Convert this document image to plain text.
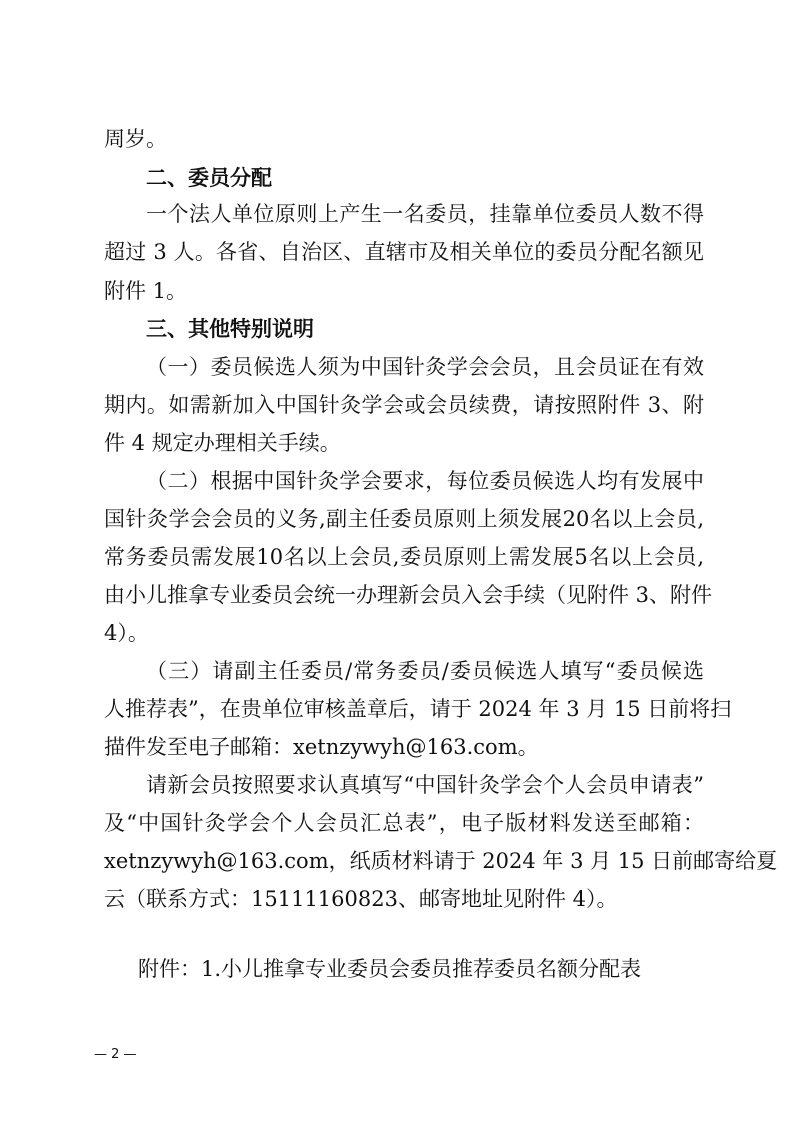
周岁。
二、委员分配
一个法人单位原则上产生一名委员，挂靠单位委员人数不得
超过 3 人。各省、自治区、直辖市及相关单位的委员分配名额见
附件 1。
三、其他特别说明
（一）委员候选人须为中国针灸学会会员，且会员证在有效
期内。如需新加入中国针灸学会或会员续费，请按照附件 3、附
件 4 规定办理相关手续。
（二）根据中国针灸学会要求，每位委员候选人均有发展中
国针灸学会会员的义务,副主任委员原则上须发展20名以上会员,
常务委员需发展10名以上会员,委员原则上需发展5名以上会员,
由小儿推拿专业委员会统一办理新会员入会手续（见附件 3、附件
4）。
（三）请副主任委员/常务委员/委员候选人填写“委员候选
人推荐表”，在贵单位审核盖章后，请于 2024 年 3 月 15 日前将扫
描件发至电子邮箱：xetnzywyh@163.com。
请新会员按照要求认真填写“中国针灸学会个人会员申请表”
及“中国针灸学会个人会员汇总表”，电子版材料发送至邮箱：
xetnzywyh@163.com，纸质材料请于 2024 年 3 月 15 日前邮寄给夏
云（联系方式：15111160823、邮寄地址见附件 4）。
附件：1.小儿推拿专业委员会委员推荐委员名额分配表
— 2 —
